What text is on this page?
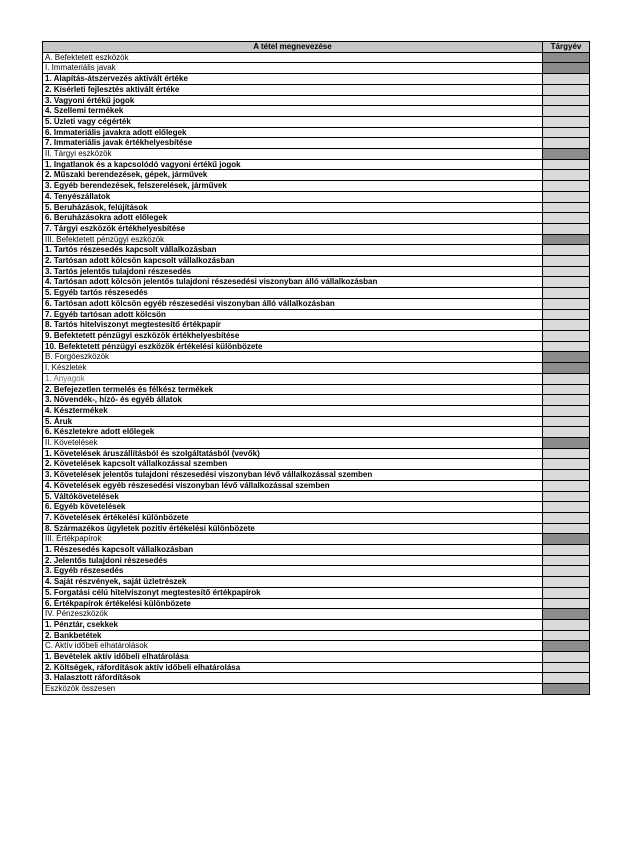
A tétel megnevezése	Tárgyév
A. Befektetett eszközök	
I. Immateriális javak	
1. Alapítás-átszervezés aktivált értéke	
2. Kísérleti fejlesztés aktivált értéke	
3. Vagyoni értékű jogok	
4. Szellemi termékek	
5. Üzleti vagy cégérték	
6. Immateriális javakra adott előlegek	
7. Immateriális javak értékhelyesbítése	
II. Tárgyi eszközök	
1. Ingatlanok és a kapcsolódó vagyoni értékű jogok	
2. Műszaki berendezések, gépek, járművek	
3. Egyéb berendezések, felszerelések, járművek	
4. Tenyészállatok	
5. Beruházások, felújítások	
6. Beruházásokra adott előlegek	
7. Tárgyi eszközök értékhelyesbítése	
III. Befektetett pénzügyi eszközök	
1. Tartós részesedés kapcsolt vállalkozásban	
2. Tartósan adott kölcsön kapcsolt vállalkozásban	
3. Tartós jelentős tulajdoni részesedés	
4. Tartósan adott kölcsön jelentős tulajdoni részesedési viszonyban álló vállalkozásban	
5. Egyéb tartós részesedés	
6. Tartósan adott kölcsön egyéb részesedési viszonyban álló vállalkozásban	
7. Egyéb tartósan adott kölcsön	
8. Tartós hitelviszonyt megtestesítő értékpapír	
9. Befektetett pénzügyi eszközök értékhelyesbítése	
10. Befektetett pénzügyi eszközök értékelési különbözete	
B. Forgóeszközök	
I. Készletek	
1. Anyagok	
2. Befejezetlen termelés és félkész termékek	
3. Növendék-, hízó- és egyéb állatok	
4. Késztermékek	
5. Áruk	
6. Készletekre adott előlegek	
II. Követelések	
1. Követelések áruszállításból és szolgáltatásból (vevők)	
2. Követelések kapcsolt vállalkozással szemben	
3. Követelések jelentős tulajdoni részesedési viszonyban lévő vállalkozással szemben	
4. Követelések egyéb részesedési viszonyban lévő vállalkozással szemben	
5. Váltókövetelések	
6. Egyéb követelések	
7. Követelések értékelési különbözete	
8. Származékos ügyletek pozitív értékelési különbözete	
III. Értékpapírok	
1. Részesedés kapcsolt vállalkozásban	
2. Jelentős tulajdoni részesedés	
3. Egyéb részesedés	
4. Saját részvények, saját üzletrészek	
5. Forgatási célú hitelviszonyt megtestesítő értékpapírok	
6. Értékpapírok értékelési különbözete	
IV. Pénzeszközök	
1. Pénztár, csekkek	
2. Bankbetétek	
C. Aktív időbeli elhatárolások	
1. Bevételek aktív időbeli elhatárolása	
2. Költségek, ráfordítások aktív időbeli elhatárolása	
3. Halasztott ráfordítások	
Eszközök összesen	
